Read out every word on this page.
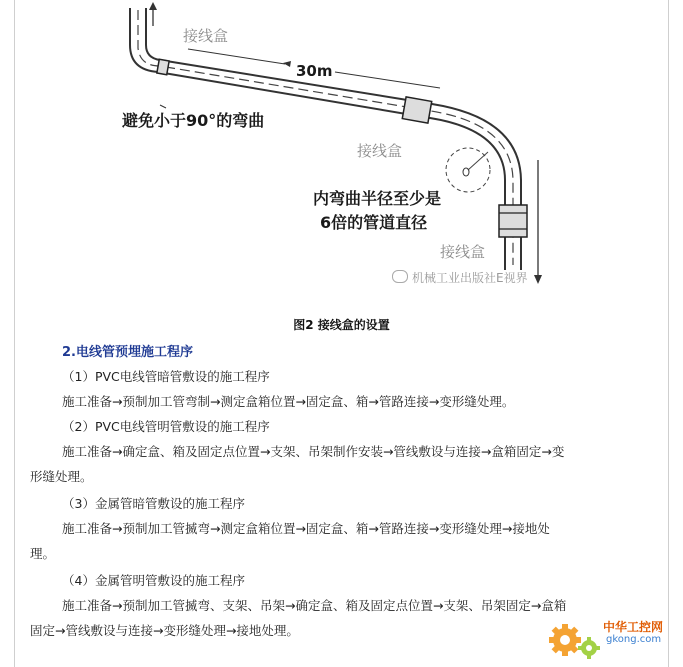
接线盒
30m
避免小于90°的弯曲
接线盒
内弯曲半径至少是
6倍的管道直径
接线盒
机械工业出版社E视界
图2 接线盒的设置
2.电线管预埋施工程序
（1）PVC电线管暗管敷设的施工程序
施工准备→预制加工管弯制→测定盒箱位置→固定盒、箱→管路连接→变形缝处理。
（2）PVC电线管明管敷设的施工程序
施工准备→确定盒、箱及固定点位置→支架、吊架制作安装→管线敷设与连接→盒箱固定→变
形缝处理。
（3）金属管暗管敷设的施工程序
施工准备→预制加工管揻弯→测定盒箱位置→固定盒、箱→管路连接→变形缝处理→接地处
理。
（4）金属管明管敷设的施工程序
施工准备→预制加工管揻弯、支架、吊架→确定盒、箱及固定点位置→支架、吊架固定→盒箱
固定→管线敷设与连接→变形缝处理→接地处理。	中华工控网
gkong.com
